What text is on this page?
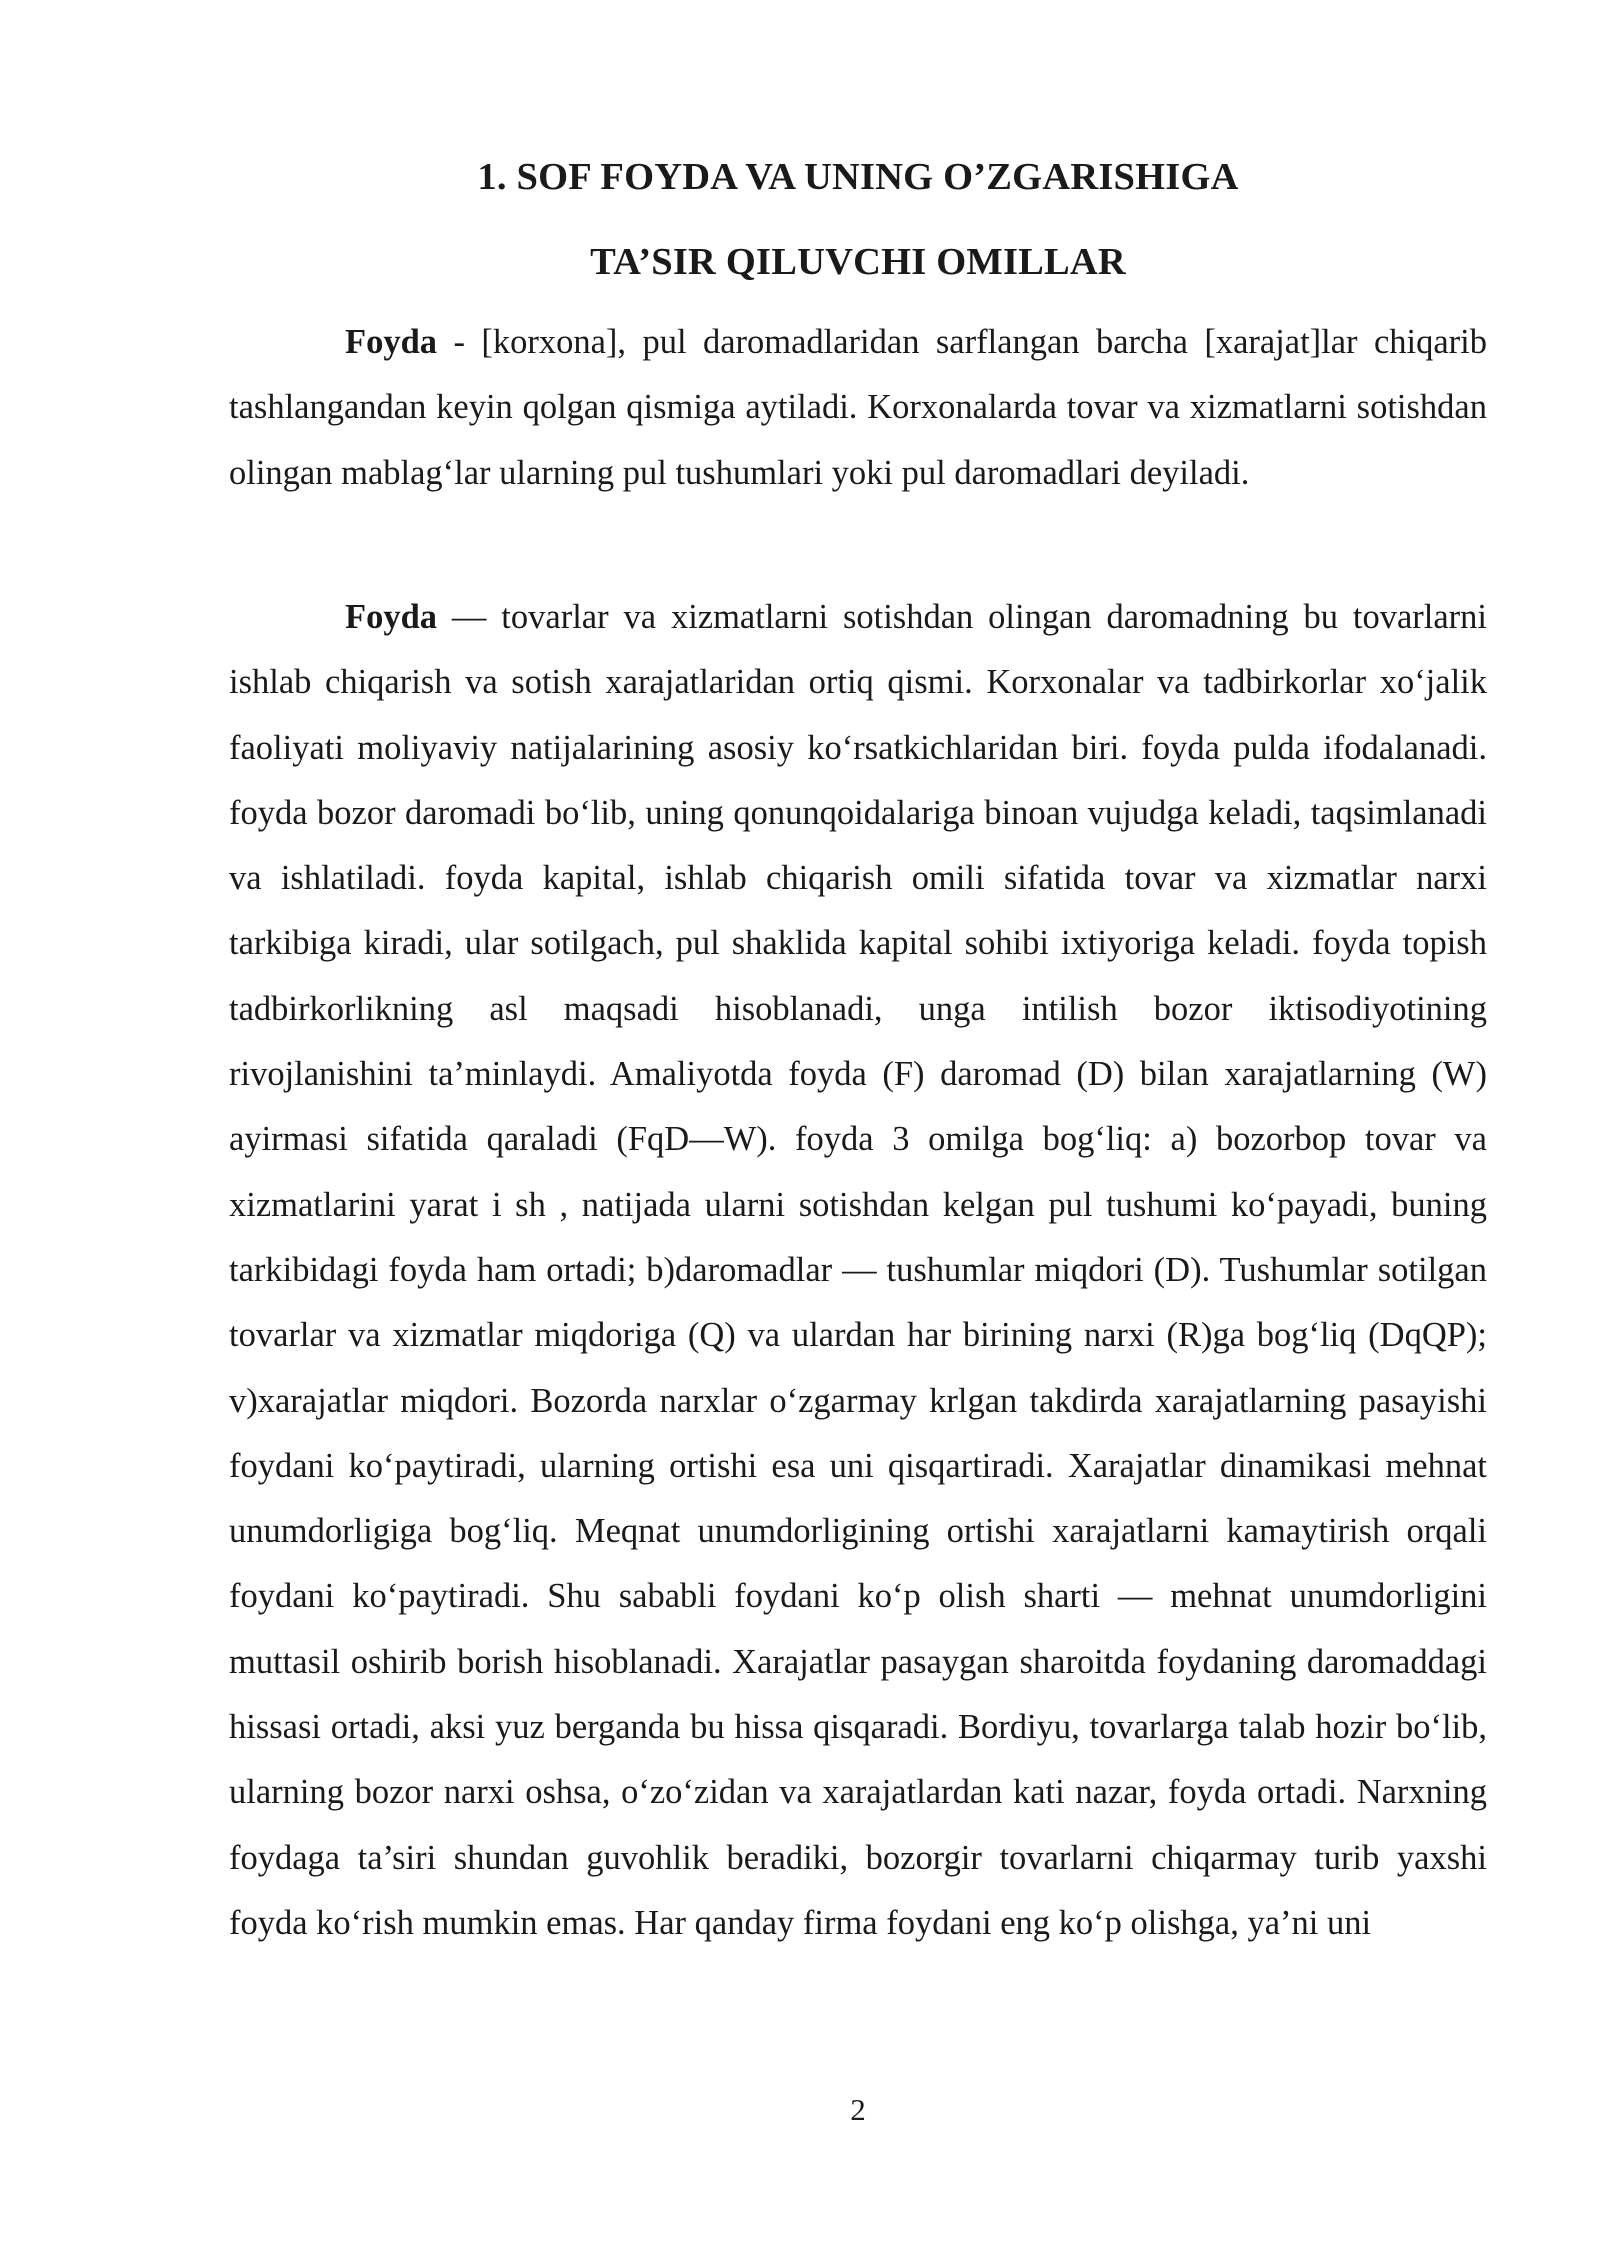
1. SOF FOYDA VA UNING O’ZGARISHIGA
TA’SIR QILUVCHI OMILLAR

Foyda - [korxona], pul daromadlaridan sarflangan barcha [xarajat]lar chiqarib tashlangandan keyin qolgan qismiga aytiladi. Korxonalarda tovar va xizmatlarni sotishdan olingan mablag‘lar ularning pul tushumlari yoki pul daromadlari deyiladi.

Foyda — tovarlar va xizmatlarni sotishdan olingan daromadning bu tovarlarni ishlab chiqarish va sotish xarajatlaridan ortiq qismi. Korxonalar va tadbirkorlar xo‘jalik faoliyati moliyaviy natijalarining asosiy ko‘rsatkichlaridan biri. foyda pulda ifodalanadi. foyda bozor daromadi bo‘lib, uning qonunqoidalariga binoan vujudga keladi, taqsimlanadi va ishlatiladi. foyda kapital, ishlab chiqarish omili sifatida tovar va xizmatlar narxi tarkibiga kiradi, ular sotilgach, pul shaklida kapital sohibi ixtiyoriga keladi. foyda topish tadbirkorlikning asl maqsadi hisoblanadi, unga intilish bozor iktisodiyotining rivojlanishini ta’minlaydi. Amaliyotda foyda (F) daromad (D) bilan xarajatlarning (W) ayirmasi sifatida qaraladi (FqD—W). foyda 3 omilga bog‘liq: a) bozorbop tovar va xizmatlarini yarat i sh , natijada ularni sotishdan kelgan pul tushumi ko‘payadi, buning tarkibidagi foyda ham ortadi; b)daromadlar — tushumlar miqdori (D). Tushumlar sotilgan tovarlar va xizmatlar miqdoriga (Q) va ulardan har birining narxi (R)ga bog‘liq (DqQP); v)xarajatlar miqdori. Bozorda narxlar o‘zgarmay krlgan takdirda xarajatlarning pasayishi foydani ko‘paytiradi, ularning ortishi esa uni qisqartiradi. Xarajatlar dinamikasi mehnat unumdorligiga bog‘liq. Meqnat unumdorligining ortishi xarajatlarni kamaytirish orqali foydani ko‘paytiradi. Shu sababli foydani ko‘p olish sharti — mehnat unumdorligini muttasil oshirib borish hisoblanadi. Xarajatlar pasaygan sharoitda foydaning daromaddagi hissasi ortadi, aksi yuz berganda bu hissa qisqaradi. Bordiyu, tovarlarga talab hozir bo‘lib, ularning bozor narxi oshsa, o‘zo‘zidan va xarajatlardan kati nazar, foyda ortadi. Narxning foydaga ta’siri shundan guvohlik beradiki, bozorgir tovarlarni chiqarmay turib yaxshi foyda ko‘rish mumkin emas. Har qanday firma foydani eng ko‘p olishga, ya’ni uni

2
